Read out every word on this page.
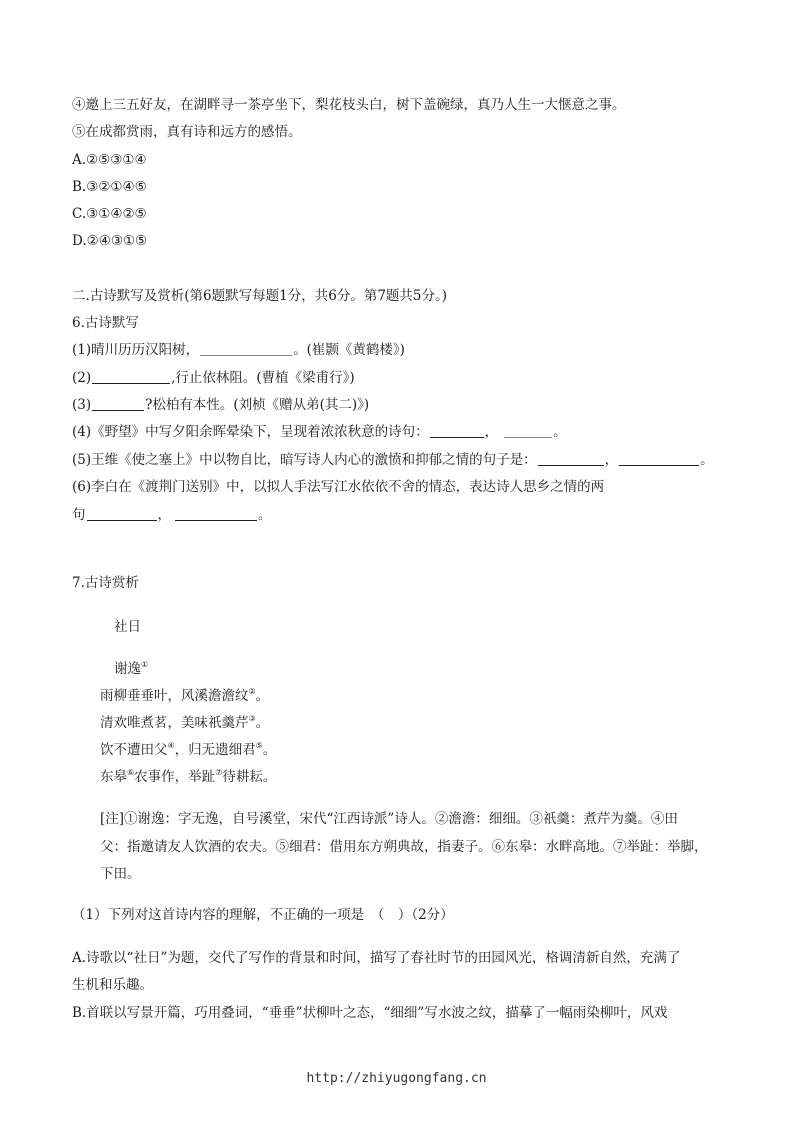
④邀上三五好友，在湖畔寻一茶亭坐下，梨花枝头白，树下盖碗绿，真乃人生一大惬意之事。
⑤在成都赏雨，真有诗和远方的感悟。
A.②⑤③①④
B.③②①④⑤
C.③①④②⑤
D.②④③①⑤
二.古诗默写及赏析(第6题默写每题1分，共6分。第7题共5分。)
6.古诗默写
(1)晴川历历汉阳树，	。(崔颢《黄鹤楼》)
(2)	,行止依林阻。(曹植《梁甫行》)
(3)	?松柏有本性。(刘桢《赠从弟(其二)》)
(4)《野望》中写夕阳余晖晕染下，呈现着浓浓秋意的诗句：	，	。
(5)王维《使之塞上》中以物自比，暗写诗人内心的激愤和抑郁之情的句子是：	，	。
(6)李白在《渡荆门送别》中，以拟人手法写江水依依不舍的情态，表达诗人思乡之情的两
句	，	。
7.古诗赏析
社日
谢逸①
雨柳垂垂叶，风溪澹澹纹②。
清欢唯煮茗，美味祇羹芹③。
饮不遭田父④，归无遗细君⑤。
东皋⑥农事作，举趾⑦待耕耘。
[注]①谢逸：字无逸，自号溪堂，宋代“江西诗派”诗人。②澹澹：细细。③祇羹：煮芹为羹。④田
父：指邀请友人饮酒的农夫。⑤细君：借用东方朔典故，指妻子。⑥东皋：水畔高地。⑦举趾：举脚，
下田。
（1）下列对这首诗内容的理解，不正确的一项是　（　）（2分）
A.诗歌以“社日”为题，交代了写作的背景和时间，描写了春社时节的田园风光，格调清新自然，充满了
生机和乐趣。
B.首联以写景开篇，巧用叠词，“垂垂”状柳叶之态，“细细”写水波之纹，描摹了一幅雨染柳叶，风戏
http://zhiyugongfang.cn
